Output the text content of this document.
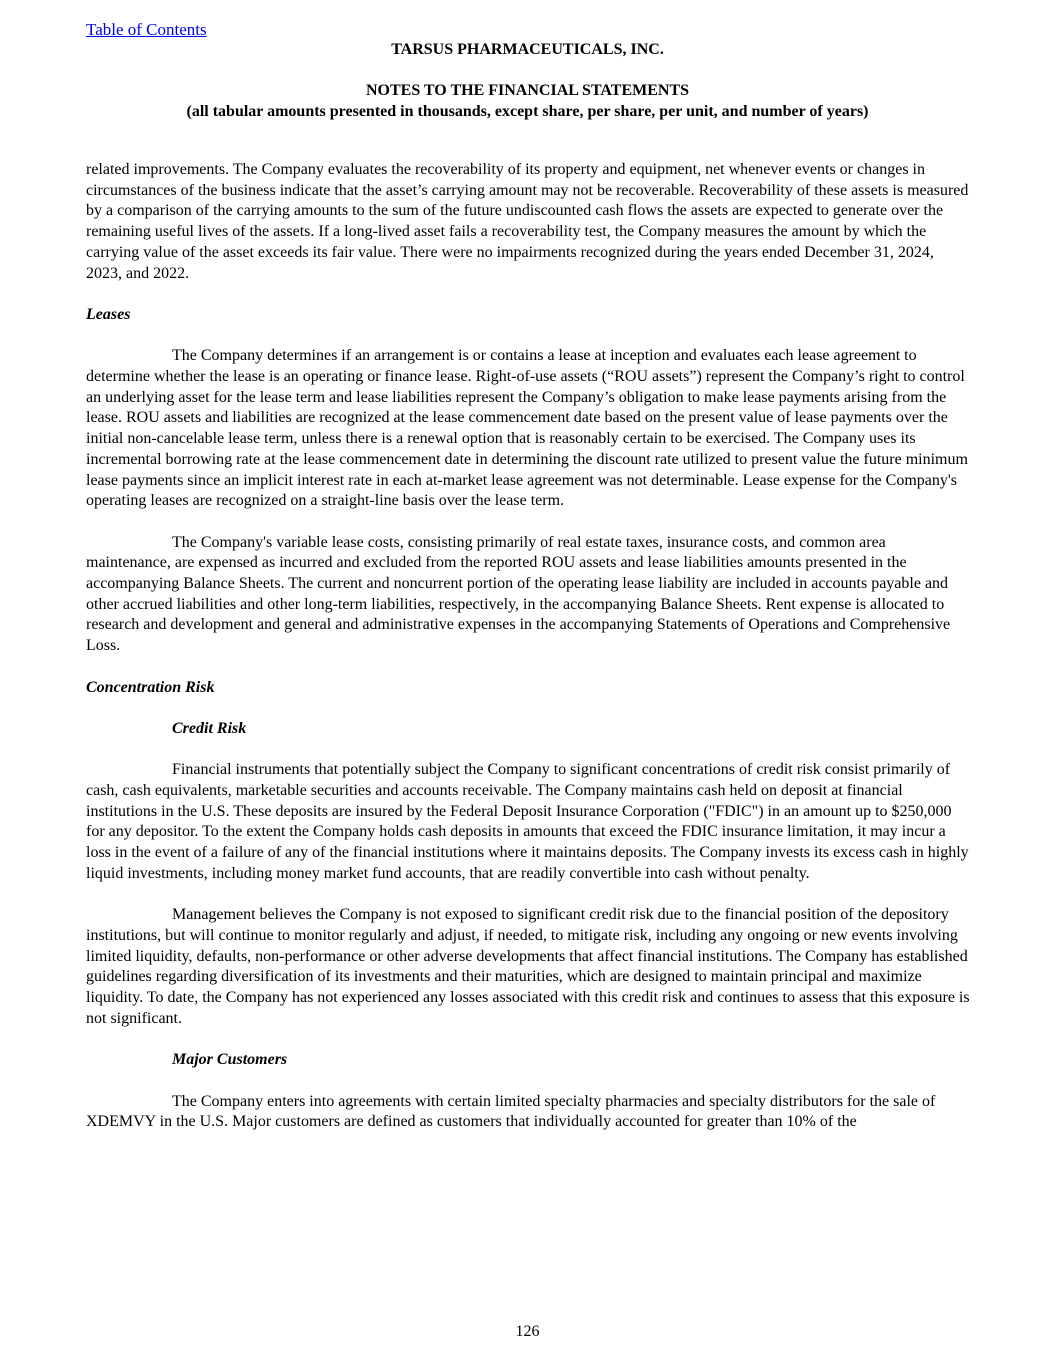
Table of Contents
TARSUS PHARMACEUTICALS, INC.
NOTES TO THE FINANCIAL STATEMENTS
(all tabular amounts presented in thousands, except share, per share, per unit, and number of years)

related improvements. The Company evaluates the recoverability of its property and equipment, net whenever events or changes in circumstances of the business indicate that the asset’s carrying amount may not be recoverable. Recoverability of these assets is measured by a comparison of the carrying amounts to the sum of the future undiscounted cash flows the assets are expected to generate over the remaining useful lives of the assets. If a long-lived asset fails a recoverability test, the Company measures the amount by which the carrying value of the asset exceeds its fair value. There were no impairments recognized during the years ended December 31, 2024, 2023, and 2022.

Leases

The Company determines if an arrangement is or contains a lease at inception and evaluates each lease agreement to determine whether the lease is an operating or finance lease. Right-of-use assets (“ROU assets”) represent the Company’s right to control an underlying asset for the lease term and lease liabilities represent the Company’s obligation to make lease payments arising from the lease. ROU assets and liabilities are recognized at the lease commencement date based on the present value of lease payments over the initial non-cancelable lease term, unless there is a renewal option that is reasonably certain to be exercised. The Company uses its incremental borrowing rate at the lease commencement date in determining the discount rate utilized to present value the future minimum lease payments since an implicit interest rate in each at-market lease agreement was not determinable. Lease expense for the Company's operating leases are recognized on a straight-line basis over the lease term.

The Company's variable lease costs, consisting primarily of real estate taxes, insurance costs, and common area maintenance, are expensed as incurred and excluded from the reported ROU assets and lease liabilities amounts presented in the accompanying Balance Sheets. The current and noncurrent portion of the operating lease liability are included in accounts payable and other accrued liabilities and other long-term liabilities, respectively, in the accompanying Balance Sheets. Rent expense is allocated to research and development and general and administrative expenses in the accompanying Statements of Operations and Comprehensive Loss.

Concentration Risk
Credit Risk

Financial instruments that potentially subject the Company to significant concentrations of credit risk consist primarily of cash, cash equivalents, marketable securities and accounts receivable. The Company maintains cash held on deposit at financial institutions in the U.S. These deposits are insured by the Federal Deposit Insurance Corporation ("FDIC") in an amount up to $250,000 for any depositor. To the extent the Company holds cash deposits in amounts that exceed the FDIC insurance limitation, it may incur a loss in the event of a failure of any of the financial institutions where it maintains deposits. The Company invests its excess cash in highly liquid investments, including money market fund accounts, that are readily convertible into cash without penalty.

Management believes the Company is not exposed to significant credit risk due to the financial position of the depository institutions, but will continue to monitor regularly and adjust, if needed, to mitigate risk, including any ongoing or new events involving limited liquidity, defaults, non-performance or other adverse developments that affect financial institutions. The Company has established guidelines regarding diversification of its investments and their maturities, which are designed to maintain principal and maximize liquidity. To date, the Company has not experienced any losses associated with this credit risk and continues to assess that this exposure is not significant.

Major Customers

The Company enters into agreements with certain limited specialty pharmacies and specialty distributors for the sale of XDEMVY in the U.S. Major customers are defined as customers that individually accounted for greater than 10% of the

126
